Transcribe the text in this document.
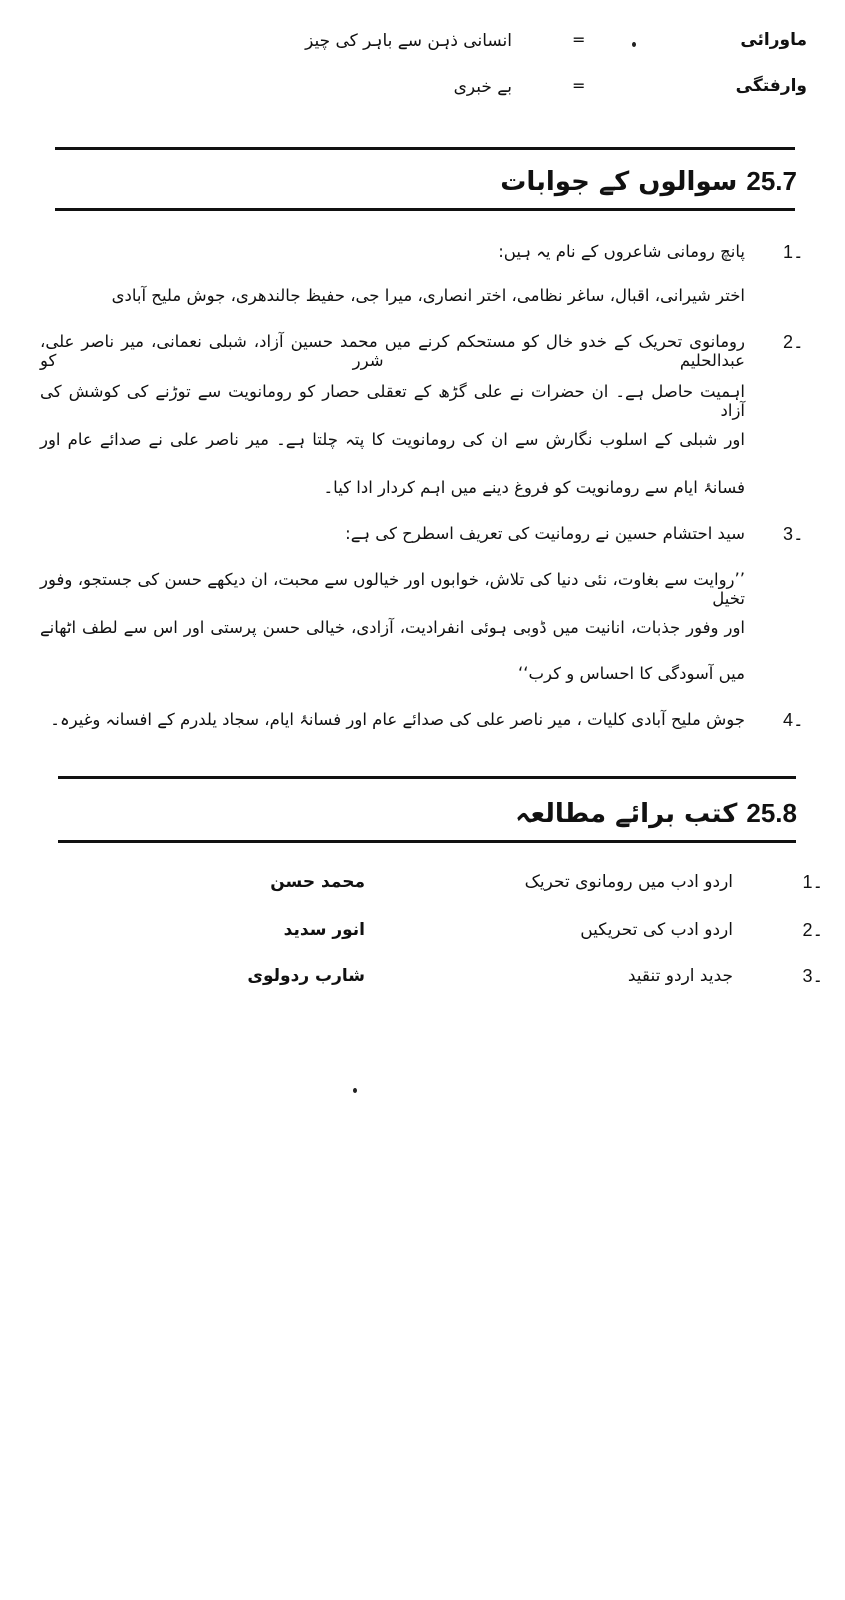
ماورائی
=
انسانی ذہن سے باہر کی چیز
وارفتگی
=
بے خبری
سوالوں کے جوابات 25.7
1۔
پانچ رومانی شاعروں کے نام یہ ہیں:
اختر شیرانی، اقبال، ساغر نظامی، اختر انصاری، میرا جی، حفیظ جالندھری، جوش ملیح آبادی
2۔
رومانوی تحریک کے خدو خال کو مستحکم کرنے میں محمد حسین آزاد، شبلی نعمانی، میر ناصر علی، عبدالحلیم شرر کو
اہمیت حاصل ہے۔ ان حضرات نے علی گڑھ کے تعقلی حصار کو رومانویت سے توڑنے کی کوشش کی آزاد
اور شبلی کے اسلوب نگارش سے ان کی رومانویت کا پتہ چلتا ہے۔ میر ناصر علی نے صدائے عام اور
فسانۂ ایام سے رومانویت کو فروغ دینے میں اہم کردار ادا کیا۔
3۔
سید احتشام حسین نے رومانیت کی تعریف اسطرح کی ہے:
’’روایت سے بغاوت، نئی دنیا کی تلاش، خوابوں اور خیالوں سے محبت، ان دیکھے حسن کی جستجو، وفور تخیل
اور وفور جذبات، انانیت میں ڈوبی ہوئی انفرادیت، آزادی، خیالی حسن پرستی اور اس سے لطف اٹھانے
میں آسودگی کا احساس و کرب‘‘
4۔
جوش ملیح آبادی کلیات ، میر ناصر علی کی صدائے عام اور فسانۂ ایام، سجاد یلدرم کے افسانہ وغیرہ۔
کتب برائے مطالعہ 25.8
1۔
اردو ادب میں رومانوی تحریک
محمد حسن
2۔
اردو ادب کی تحریکیں
انور سدید
3۔
جدید اردو تنقید
شارب ردولوی
